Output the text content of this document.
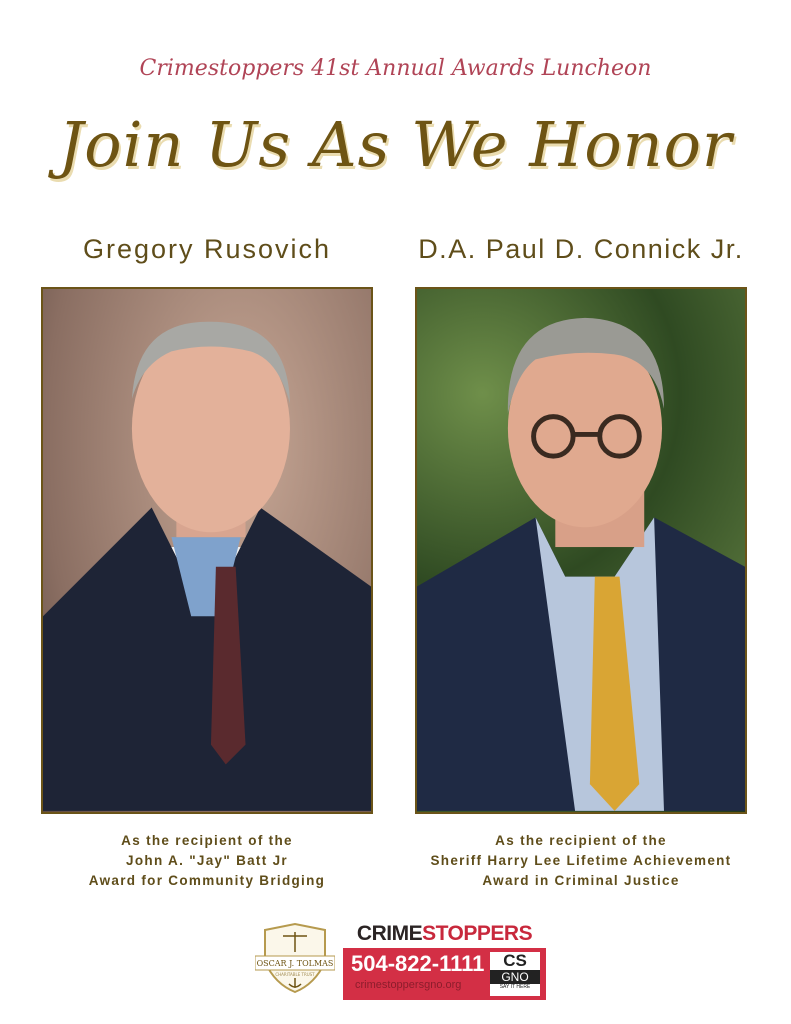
Crimestoppers 41st Annual Awards Luncheon
Join Us As We Honor
Gregory Rusovich	D.A. Paul D. Connick Jr.
As the recipient of the
John A. "Jay" Batt Jr
Award for Community Bridging
As the recipient of the
Sheriff Harry Lee Lifetime Achievement
Award in Criminal Justice
OSCAR J. TOLMAS
CHARITABLE TRUST
CRIMESTOPPERS
504-822-1111
crimestoppersgno.org
CS
GNO
SAY IT HERE
